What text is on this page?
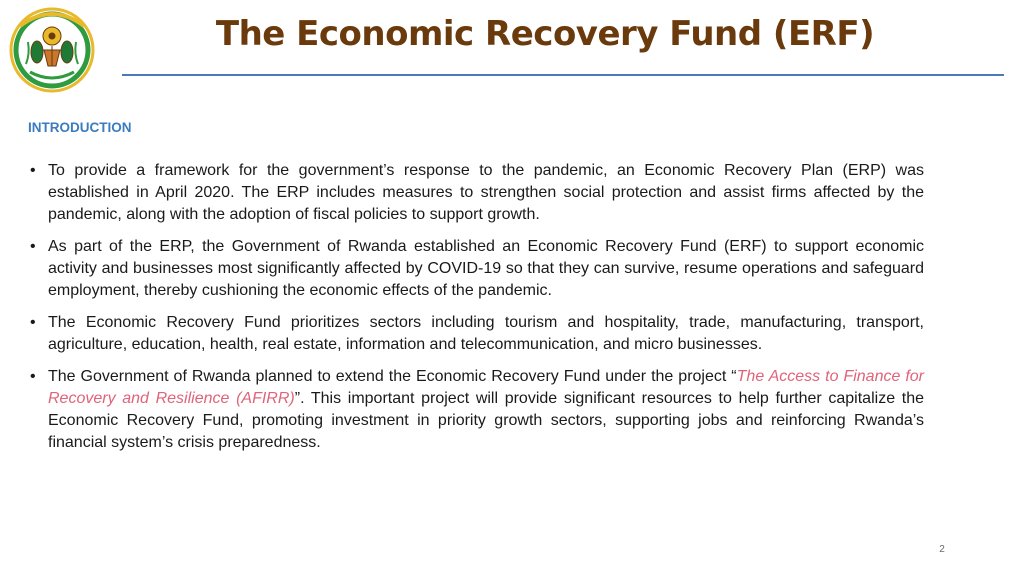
The Economic Recovery Fund (ERF)
INTRODUCTION
• To provide a framework for the government’s response to the pandemic, an Economic Recovery Plan (ERP) was established in April 2020. The ERP includes measures to strengthen social protection and assist firms affected by the pandemic, along with the adoption of fiscal policies to support growth.
• As part of the ERP, the Government of Rwanda established an Economic Recovery Fund (ERF) to support economic activity and businesses most significantly affected by COVID-19 so that they can survive, resume operations and safeguard employment, thereby cushioning the economic effects of the pandemic.
• The Economic Recovery Fund prioritizes sectors including tourism and hospitality, trade, manufacturing, transport, agriculture, education, health, real estate, information and telecommunication, and micro businesses.
• The Government of Rwanda planned to extend the Economic Recovery Fund under the project “The Access to Finance for Recovery and Resilience (AFIRR)”. This important project will provide significant resources to help further capitalize the Economic Recovery Fund, promoting investment in priority growth sectors, supporting jobs and reinforcing Rwanda’s financial system’s crisis preparedness.
2
